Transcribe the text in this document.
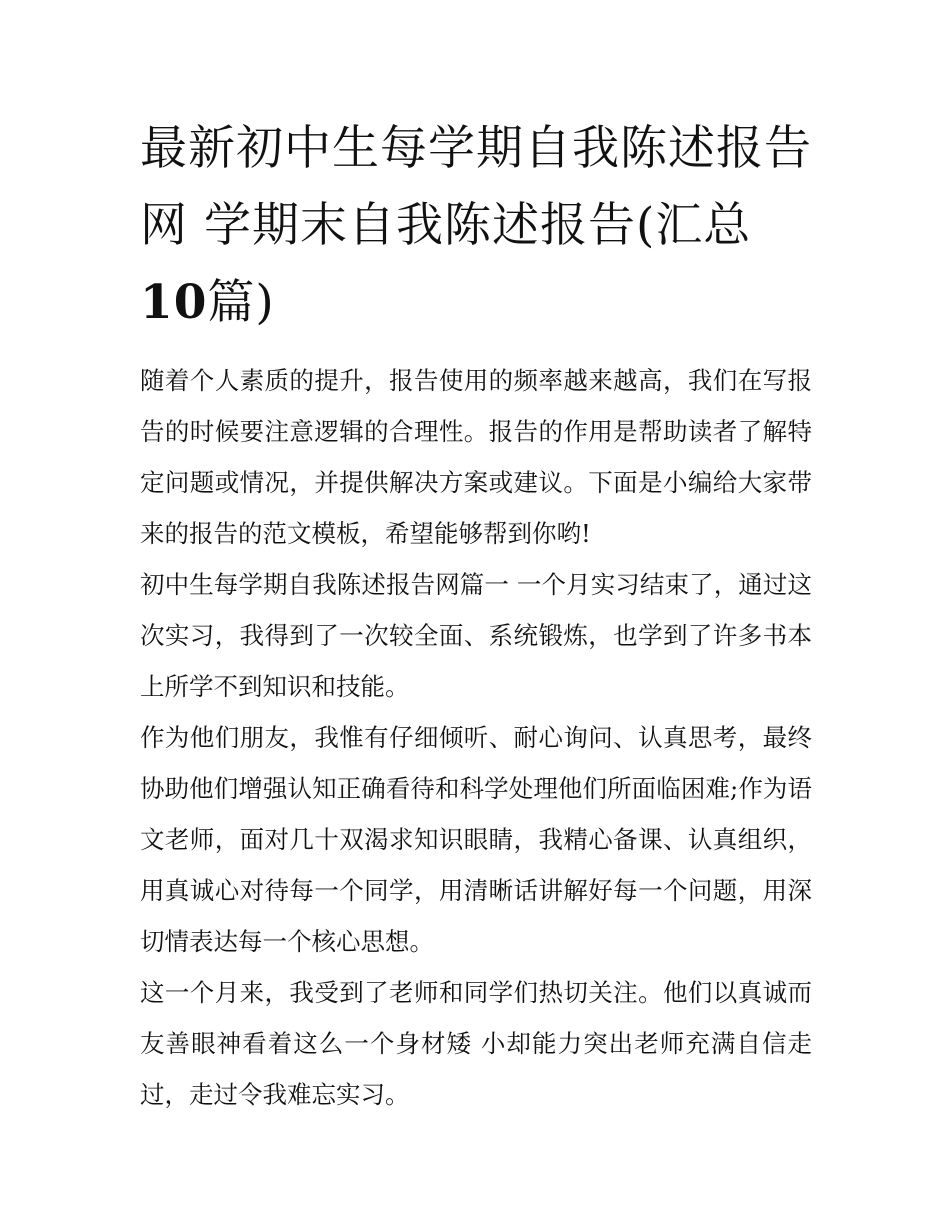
最新初中生每学期自我陈述报告网 学期末自我陈述报告(汇总10篇)

随着个人素质的提升，报告使用的频率越来越高，我们在写报告的时候要注意逻辑的合理性。报告的作用是帮助读者了解特定问题或情况，并提供解决方案或建议。下面是小编给大家带来的报告的范文模板，希望能够帮到你哟!

初中生每学期自我陈述报告网篇一 一个月实习结束了，通过这次实习，我得到了一次较全面、系统锻炼，也学到了许多书本上所学不到知识和技能。

作为他们朋友，我惟有仔细倾听、耐心询问、认真思考，最终协助他们增强认知正确看待和科学处理他们所面临困难;作为语文老师，面对几十双渴求知识眼睛，我精心备课、认真组织，用真诚心对待每一个同学，用清晰话讲解好每一个问题，用深切情表达每一个核心思想。

这一个月来，我受到了老师和同学们热切关注。他们以真诚而友善眼神看着这么一个身材矮 小却能力突出老师充满自信走过，走过令我难忘实习。
